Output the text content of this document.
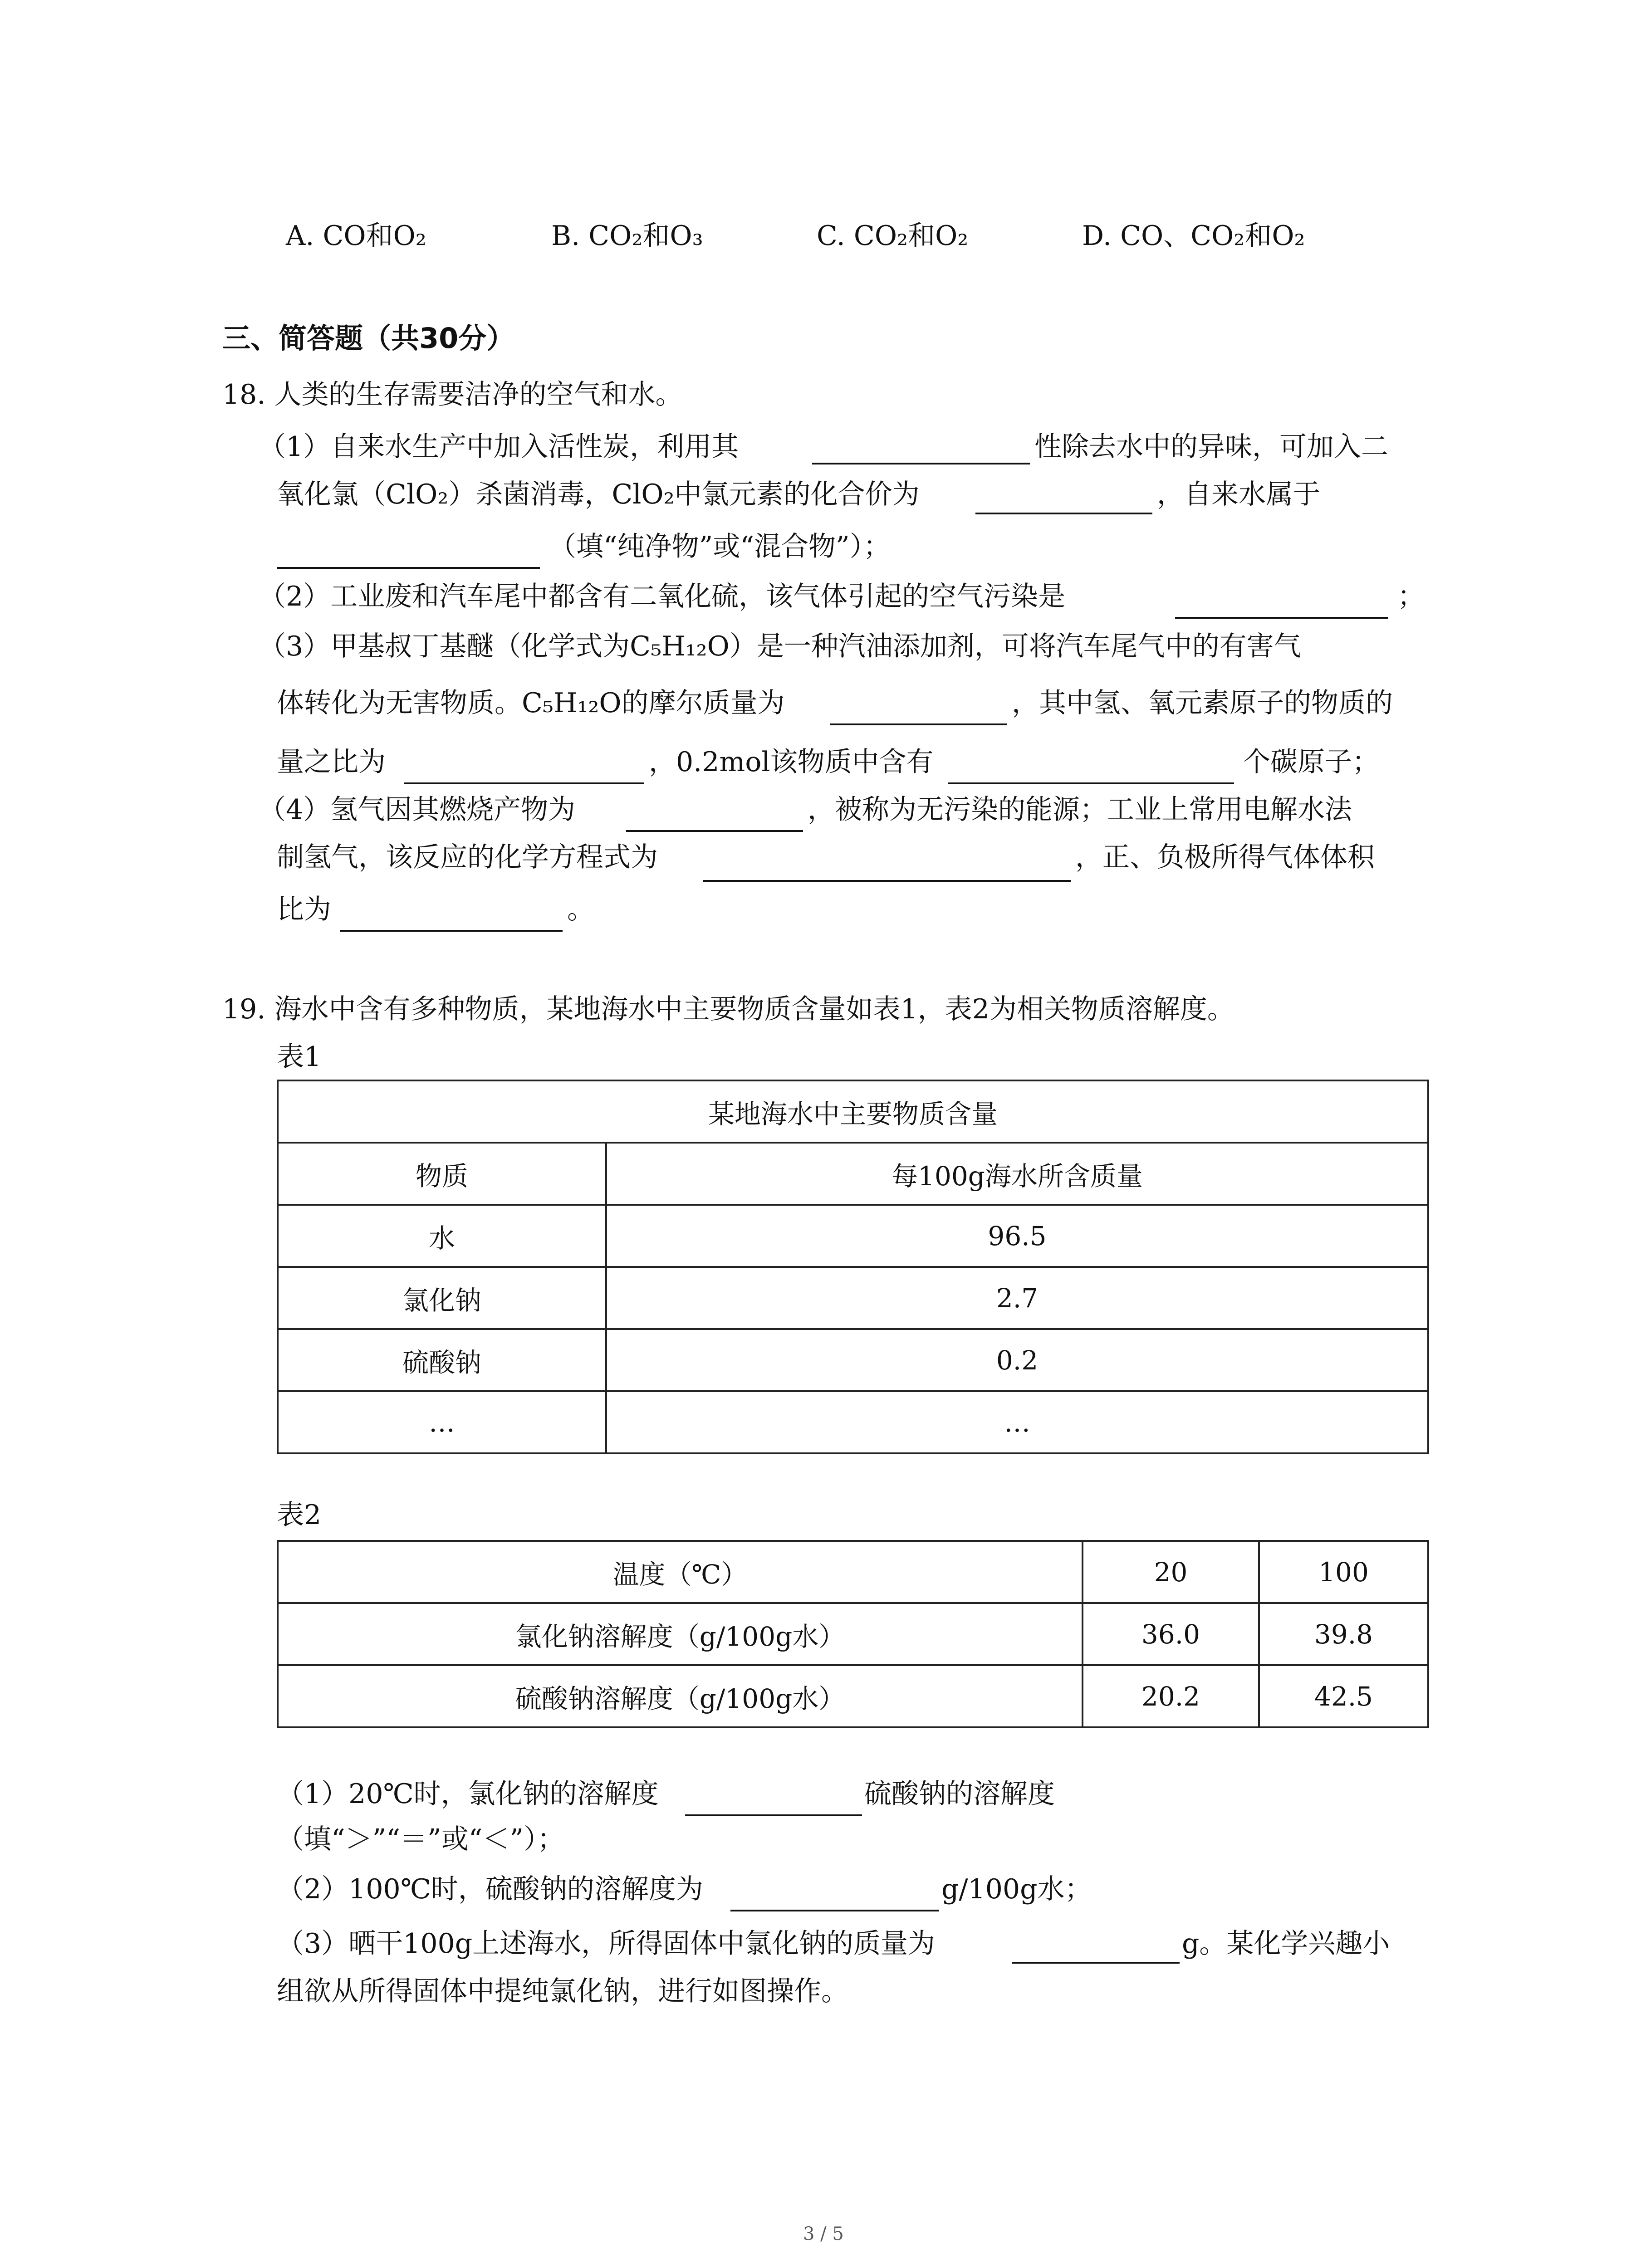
A. CO和O₂	B. CO₂和O₃	C. CO₂和O₂	D. CO、CO₂和O₂
三、简答题（共30分）
18. 人类的生存需要洁净的空气和水。
（1）自来水生产中加入活性炭，利用其	性除去水中的异味，可加入二
氧化氯（ClO₂）杀菌消毒，ClO₂中氯元素的化合价为	，自来水属于
（填“纯净物”或“混合物”）；
（2）工业废和汽车尾中都含有二氧化硫，该气体引起的空气污染是	；
（3）甲基叔丁基醚（化学式为C₅H₁₂O）是一种汽油添加剂，可将汽车尾气中的有害气
体转化为无害物质。C₅H₁₂O的摩尔质量为	，其中氢、氧元素原子的物质的
量之比为	，0.2mol该物质中含有	个碳原子；
（4）氢气因其燃烧产物为	，被称为无污染的能源；工业上常用电解水法
制氢气，该反应的化学方程式为	，正、负极所得气体体积
比为	。
19. 海水中含有多种物质，某地海水中主要物质含量如表1，表2为相关物质溶解度。
表1
某地海水中主要物质含量	
物质	每100g海水所含质量
水	96.5
氯化钠	2.7
硫酸钠	0.2
…	…
表2
温度（℃）	20	100
氯化钠溶解度（g/100g水）	36.0	39.8
硫酸钠溶解度（g/100g水）	20.2	42.5
（1）20℃时，氯化钠的溶解度	硫酸钠的溶解度
（填“＞”“＝”或“＜”）；
（2）100℃时，硫酸钠的溶解度为	g/100g水；
（3）晒干100g上述海水，所得固体中氯化钠的质量为	g。某化学兴趣小
组欲从所得固体中提纯氯化钠，进行如图操作。
3 / 5
